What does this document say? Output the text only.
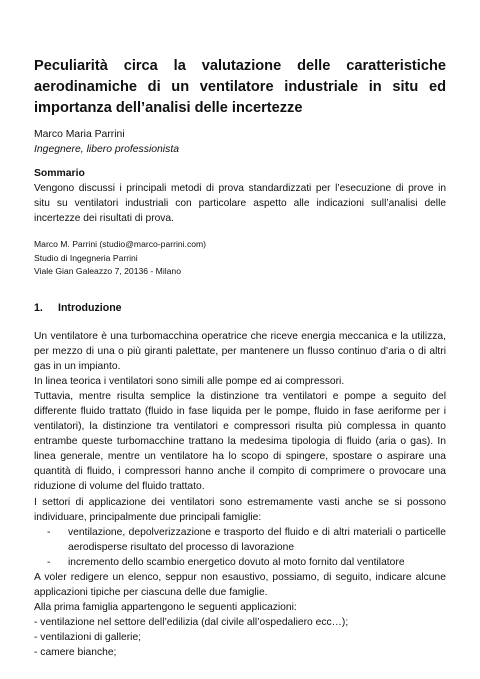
Peculiarità circa la valutazione delle caratteristiche
aerodinamiche di un ventilatore industriale in situ ed
importanza dell’analisi delle incertezze
Marco Maria Parrini
Ingegnere, libero professionista
Sommario
Vengono discussi i principali metodi di prova standardizzati per l’esecuzione di prove in
situ su ventilatori industriali con particolare aspetto alle indicazioni sull’analisi delle
incertezze dei risultati di prova.
Marco M. Parrini (studio@marco-parrini.com)
Studio di Ingegneria Parrini
Viale Gian Galeazzo 7, 20136 - Milano
1. Introduzione
Un ventilatore è una turbomacchina operatrice che riceve energia meccanica e la utilizza,
per mezzo di una o più giranti palettate, per mantenere un flusso continuo d’aria o di altri
gas in un impianto.
In linea teorica i ventilatori sono simili alle pompe ed ai compressori.
Tuttavia, mentre risulta semplice la distinzione tra ventilatori e pompe a seguito del
differente fluido trattato (fluido in fase liquida per le pompe, fluido in fase aeriforme per i
ventilatori), la distinzione tra ventilatori e compressori risulta più complessa in quanto
entrambe queste turbomacchine trattano la medesima tipologia di fluido (aria o gas). In
linea generale, mentre un ventilatore ha lo scopo di spingere, spostare o aspirare una
quantità di fluido, i compressori hanno anche il compito di comprimere o provocare una
riduzione di volume del fluido trattato.
I settori di applicazione dei ventilatori sono estremamente vasti anche se si possono
individuare, principalmente due principali famiglie:
- ventilazione, depolverizzazione e trasporto del fluido e di altri materiali o particelle
aerodisperse risultato del processo di lavorazione
- incremento dello scambio energetico dovuto al moto fornito dal ventilatore
A voler redigere un elenco, seppur non esaustivo, possiamo, di seguito, indicare alcune
applicazioni tipiche per ciascuna delle due famiglie.
Alla prima famiglia appartengono le seguenti applicazioni:
- ventilazione nel settore dell’edilizia (dal civile all’ospedaliero ecc…);
- ventilazioni di gallerie;
- camere bianche;
